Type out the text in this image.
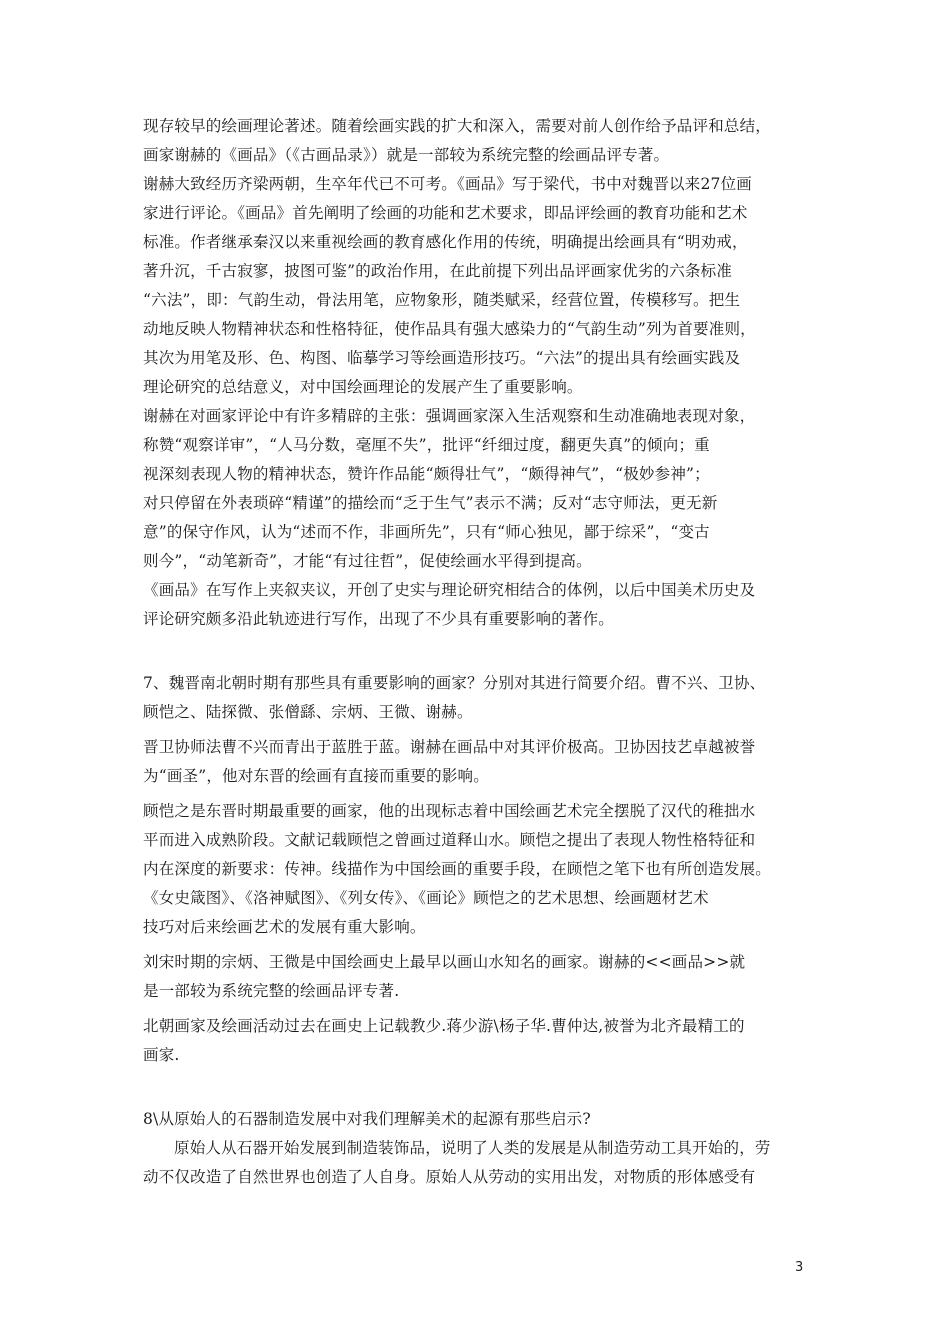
现存较早的绘画理论著述。随着绘画实践的扩大和深入，需要对前人创作给予品评和总结，
画家谢赫的《画品》（《古画品录》）就是一部较为系统完整的绘画品评专著。
谢赫大致经历齐梁两朝，生卒年代已不可考。《画品》写于梁代，书中对魏晋以来27位画
家进行评论。《画品》首先阐明了绘画的功能和艺术要求，即品评绘画的教育功能和艺术
标准。作者继承秦汉以来重视绘画的教育感化作用的传统，明确提出绘画具有“明劝戒，
著升沉，千古寂寥，披图可鉴”的政治作用，在此前提下列出品评画家优劣的六条标准
“六法”，即：气韵生动，骨法用笔，应物象形，随类赋采，经营位置，传模移写。把生
动地反映人物精神状态和性格特征，使作品具有强大感染力的“气韵生动”列为首要准则，
其次为用笔及形、色、构图、临摹学习等绘画造形技巧。“六法”的提出具有绘画实践及
理论研究的总结意义，对中国绘画理论的发展产生了重要影响。
谢赫在对画家评论中有许多精辟的主张：强调画家深入生活观察和生动准确地表现对象，
称赞“观察详审”，“人马分数，毫厘不失”，批评“纤细过度，翻更失真”的倾向；重
视深刻表现人物的精神状态，赞许作品能“颇得壮气”，“颇得神气”，“极妙参神”；
对只停留在外表琐碎“精谨”的描绘而“乏于生气”表示不满；反对“志守师法，更无新
意”的保守作风，认为“述而不作，非画所先”，只有“师心独见，鄙于综采”，“变古
则今”，“动笔新奇”，才能“有过往哲”，促使绘画水平得到提高。
《画品》在写作上夹叙夹议，开创了史实与理论研究相结合的体例，以后中国美术历史及
评论研究颇多沿此轨迹进行写作，出现了不少具有重要影响的著作。
7、魏晋南北朝时期有那些具有重要影响的画家？分别对其进行简要介绍。曹不兴、卫协、
顾恺之、陆探微、张僧繇、宗炳、王微、谢赫。
晋卫协师法曹不兴而青出于蓝胜于蓝。谢赫在画品中对其评价极高。卫协因技艺卓越被誉
为“画圣”，他对东晋的绘画有直接而重要的影响。
顾恺之是东晋时期最重要的画家，他的出现标志着中国绘画艺术完全摆脱了汉代的稚拙水
平而进入成熟阶段。文献记载顾恺之曾画过道释山水。顾恺之提出了表现人物性格特征和
内在深度的新要求：传神。线描作为中国绘画的重要手段，在顾恺之笔下也有所创造发展。
《女史箴图》、《洛神赋图》、《列女传》、《画论》顾恺之的艺术思想、绘画题材艺术
技巧对后来绘画艺术的发展有重大影响。
刘宋时期的宗炳、王微是中国绘画史上最早以画山水知名的画家。谢赫的<<画品>>就
是一部较为系统完整的绘画品评专著.
北朝画家及绘画活动过去在画史上记载教少.蒋少游\杨子华.曹仲达,被誉为北齐最精工的
画家.
8\从原始人的石器制造发展中对我们理解美术的起源有那些启示?
原始人从石器开始发展到制造装饰品，说明了人类的发展是从制造劳动工具开始的，劳
动不仅改造了自然世界也创造了人自身。原始人从劳动的实用出发，对物质的形体感受有
3
